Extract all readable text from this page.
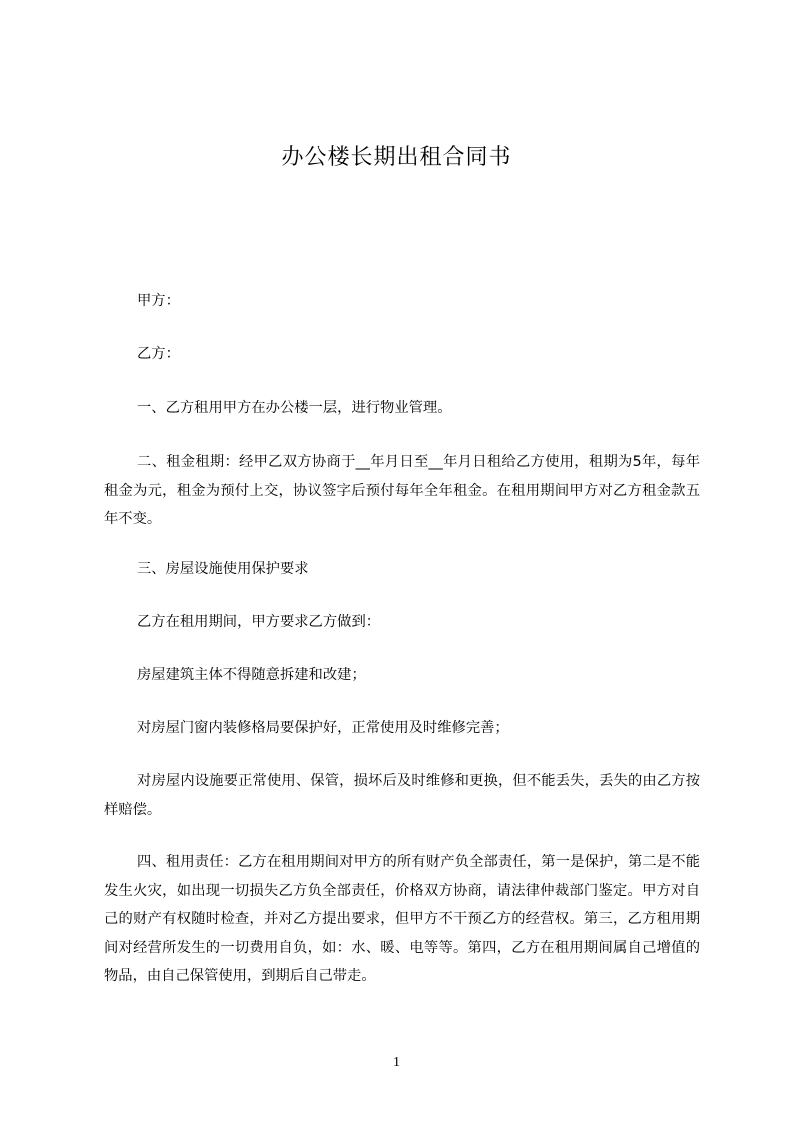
办公楼长期出租合同书

甲方：

乙方：

一、乙方租用甲方在办公楼一层，进行物业管理。

二、租金租期：经甲乙双方协商于__年月日至__年月日租给乙方使用，租期为5年，每年租金为元，租金为预付上交，协议签字后预付每年全年租金。在租用期间甲方对乙方租金款五年不变。

三、房屋设施使用保护要求

乙方在租用期间，甲方要求乙方做到：

房屋建筑主体不得随意拆建和改建；

对房屋门窗内装修格局要保护好，正常使用及时维修完善；

对房屋内设施要正常使用、保管，损坏后及时维修和更换，但不能丢失，丢失的由乙方按样赔偿。

四、租用责任：乙方在租用期间对甲方的所有财产负全部责任，第一是保护，第二是不能发生火灾，如出现一切损失乙方负全部责任，价格双方协商，请法律仲裁部门鉴定。甲方对自己的财产有权随时检查，并对乙方提出要求，但甲方不干预乙方的经营权。第三，乙方租用期间对经营所发生的一切费用自负，如：水、暖、电等等。第四，乙方在租用期间属自己增值的物品，由自己保管使用，到期后自己带走。

1
